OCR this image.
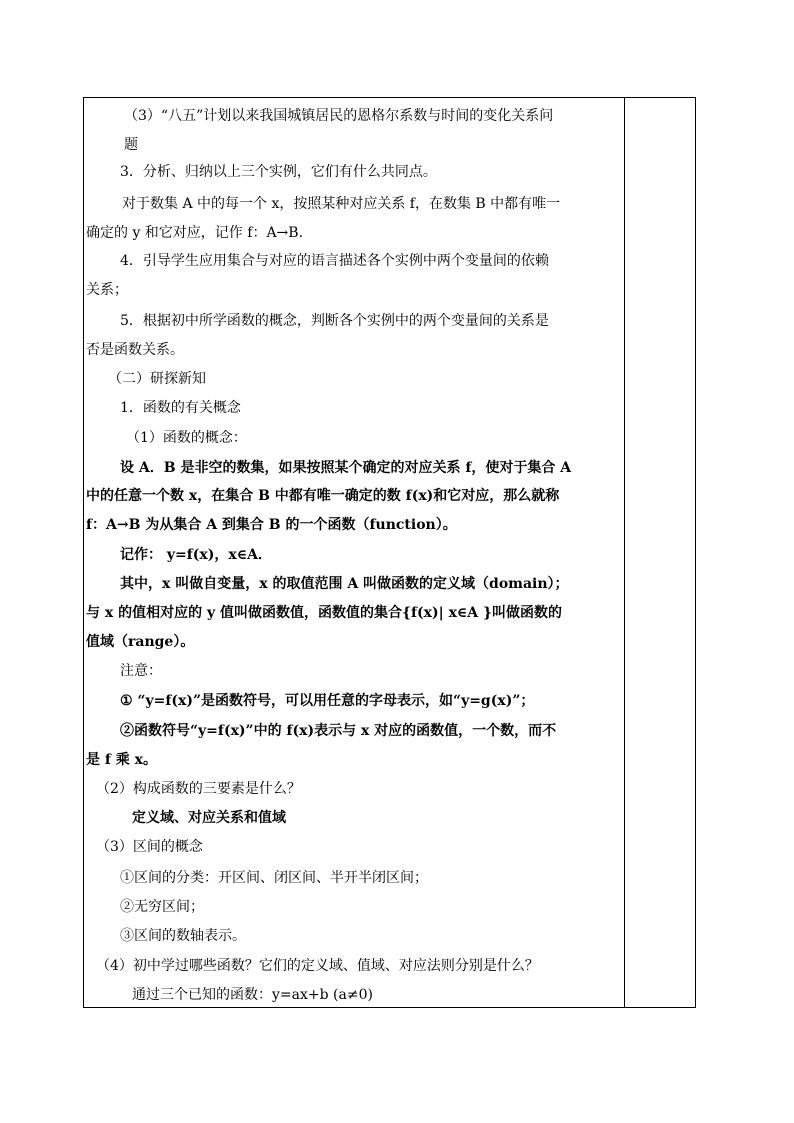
（3）“八五”计划以来我国城镇居民的恩格尔系数与时间的变化关系问
题
3．分析、归纳以上三个实例，它们有什么共同点。
对于数集 A 中的每一个 x，按照某种对应关系 f，在数集 B 中都有唯一
确定的 y 和它对应，记作 f：A→B.
4．引导学生应用集合与对应的语言描述各个实例中两个变量间的依赖
关系；
5．根据初中所学函数的概念，判断各个实例中的两个变量间的关系是
否是函数关系。
（二）研探新知
1．函数的有关概念
（1）函数的概念：
设 A．B 是非空的数集，如果按照某个确定的对应关系 f，使对于集合 A
中的任意一个数 x，在集合 B 中都有唯一确定的数 f(x)和它对应，那么就称
f：A→B 为从集合 A 到集合 B 的一个函数（function）。
记作： y=f(x)，x∈A．
其中，x 叫做自变量，x 的取值范围 A 叫做函数的定义域（domain）；
与 x 的值相对应的 y 值叫做函数值，函数值的集合{f(x)| x∈A }叫做函数的
值域（range）。
注意：
① “y=f(x)”是函数符号，可以用任意的字母表示，如“y=g(x)”；
②函数符号“y=f(x)”中的 f(x)表示与 x 对应的函数值，一个数，而不
是 f 乘 x。
（2）构成函数的三要素是什么？
定义域、对应关系和值域
（3）区间的概念
①区间的分类：开区间、闭区间、半开半闭区间；
②无穷区间；
③区间的数轴表示。
（4）初中学过哪些函数？它们的定义域、值域、对应法则分别是什么？
通过三个已知的函数：y=ax+b (a≠0)
